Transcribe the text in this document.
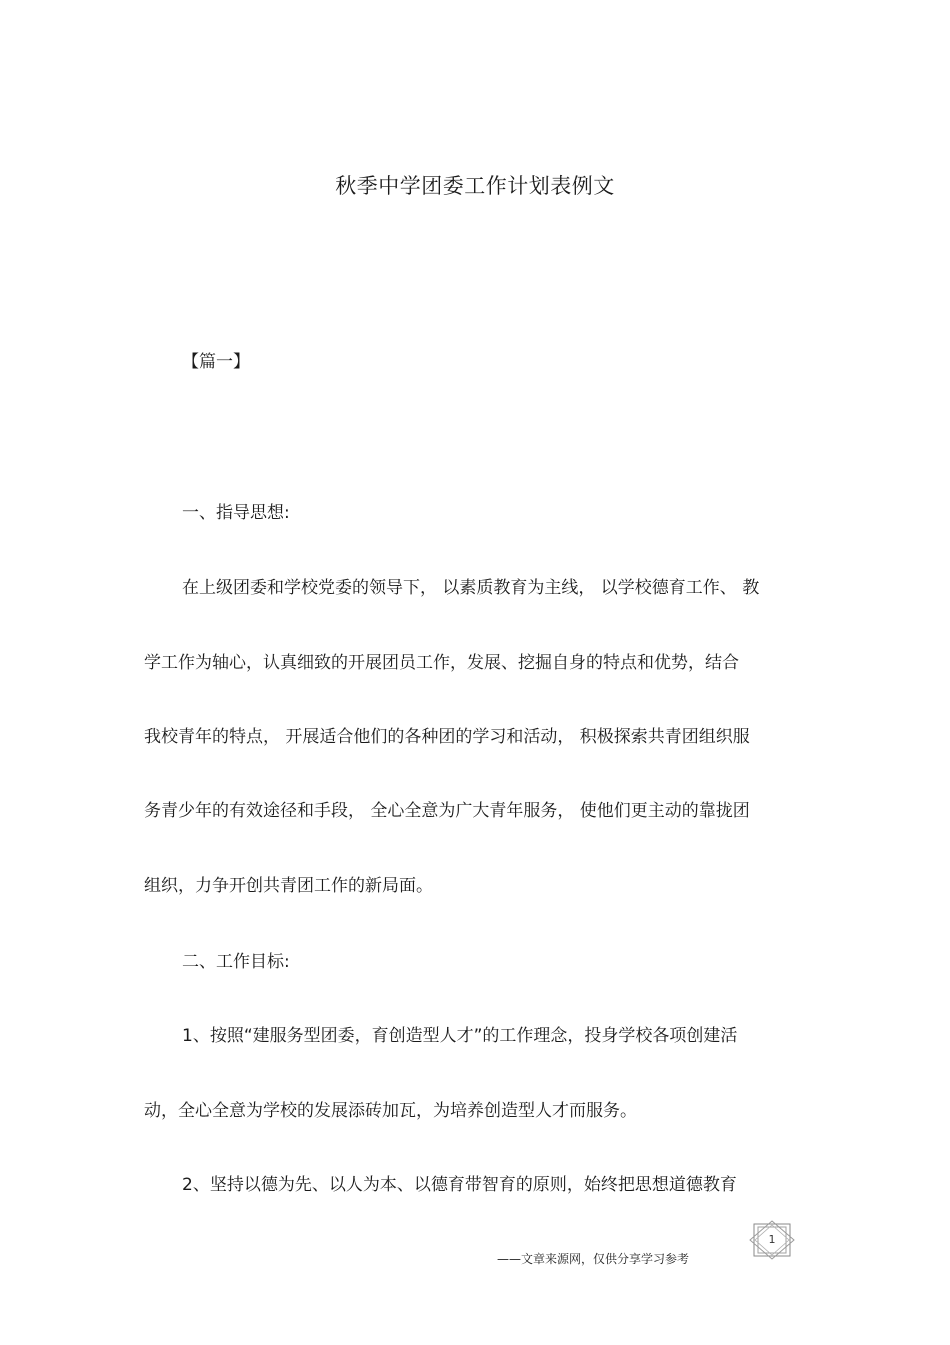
秋季中学团委工作计划表例文
【篇一】
一、指导思想:
在上级团委和学校党委的领导下， 以素质教育为主线， 以学校德育工作、 教
学工作为轴心，认真细致的开展团员工作，发展、挖掘自身的特点和优势，结合
我校青年的特点， 开展适合他们的各种团的学习和活动， 积极探索共青团组织服
务青少年的有效途径和手段， 全心全意为广大青年服务， 使他们更主动的靠拢团
组织，力争开创共青团工作的新局面。
二、工作目标:
1、按照“建服务型团委，育创造型人才”的工作理念，投身学校各项创建活
动，全心全意为学校的发展添砖加瓦，为培养创造型人才而服务。
2、坚持以德为先、以人为本、以德育带智育的原则，始终把思想道德教育
——文章来源网，仅供分享学习参考
1
